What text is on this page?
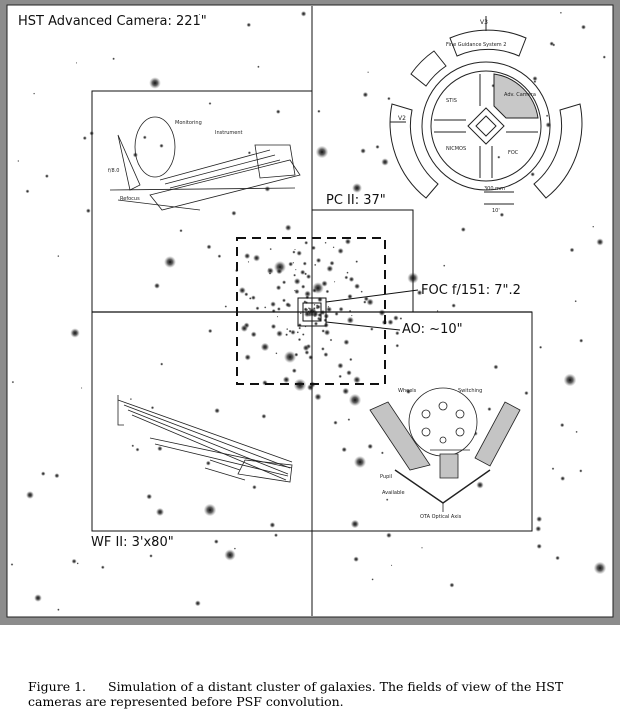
V3
V2
300 mm
10'
Fine Guidance System 2
STIS
NICMOS
FOC
Adv. Camera
Monitoring
Instrument
f/8.0
Refocus
Wheels	Switching
Pupil
Available
OTA Optical Axis
HST Advanced Camera: 221"
PC II: 37"
FOC f/151: 7".2
AO: ~10"
WF II: 3'x80"
Figure 1. Simulation of a distant cluster of galaxies. The fields of view of the HST cameras are represented before PSF convolution.
